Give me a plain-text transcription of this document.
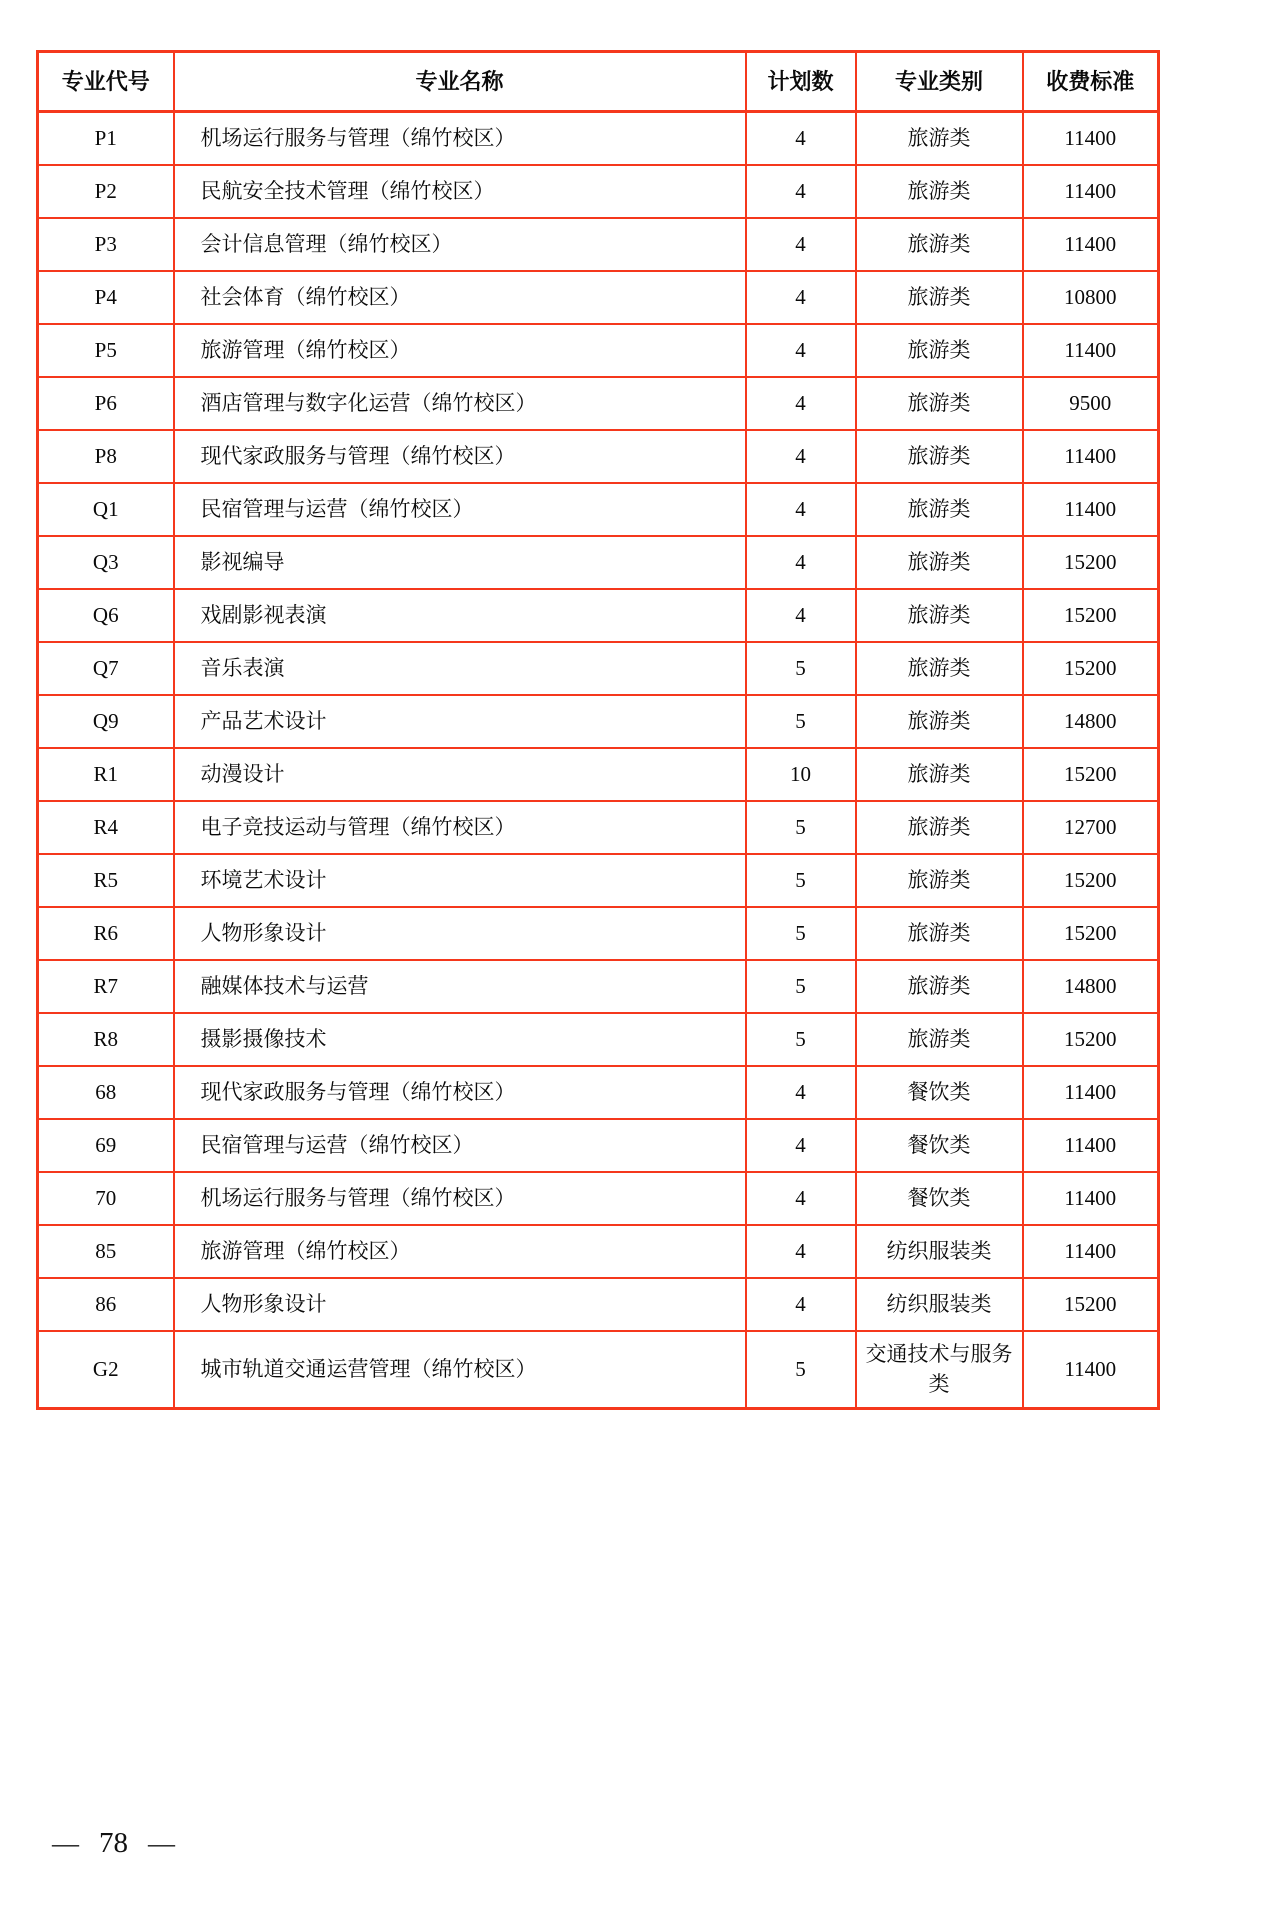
专业代号	专业名称	计划数	专业类别	收费标准
P1	机场运行服务与管理（绵竹校区）	4	旅游类	11400
P2	民航安全技术管理（绵竹校区）	4	旅游类	11400
P3	会计信息管理（绵竹校区）	4	旅游类	11400
P4	社会体育（绵竹校区）	4	旅游类	10800
P5	旅游管理（绵竹校区）	4	旅游类	11400
P6	酒店管理与数字化运营（绵竹校区）	4	旅游类	9500
P8	现代家政服务与管理（绵竹校区）	4	旅游类	11400
Q1	民宿管理与运营（绵竹校区）	4	旅游类	11400
Q3	影视编导	4	旅游类	15200
Q6	戏剧影视表演	4	旅游类	15200
Q7	音乐表演	5	旅游类	15200
Q9	产品艺术设计	5	旅游类	14800
R1	动漫设计	10	旅游类	15200
R4	电子竞技运动与管理（绵竹校区）	5	旅游类	12700
R5	环境艺术设计	5	旅游类	15200
R6	人物形象设计	5	旅游类	15200
R7	融媒体技术与运营	5	旅游类	14800
R8	摄影摄像技术	5	旅游类	15200
68	现代家政服务与管理（绵竹校区）	4	餐饮类	11400
69	民宿管理与运营（绵竹校区）	4	餐饮类	11400
70	机场运行服务与管理（绵竹校区）	4	餐饮类	11400
85	旅游管理（绵竹校区）	4	纺织服装类	11400
86	人物形象设计	4	纺织服装类	15200
G2	城市轨道交通运营管理（绵竹校区）	5	交通技术与服务类	11400
— 78 —
